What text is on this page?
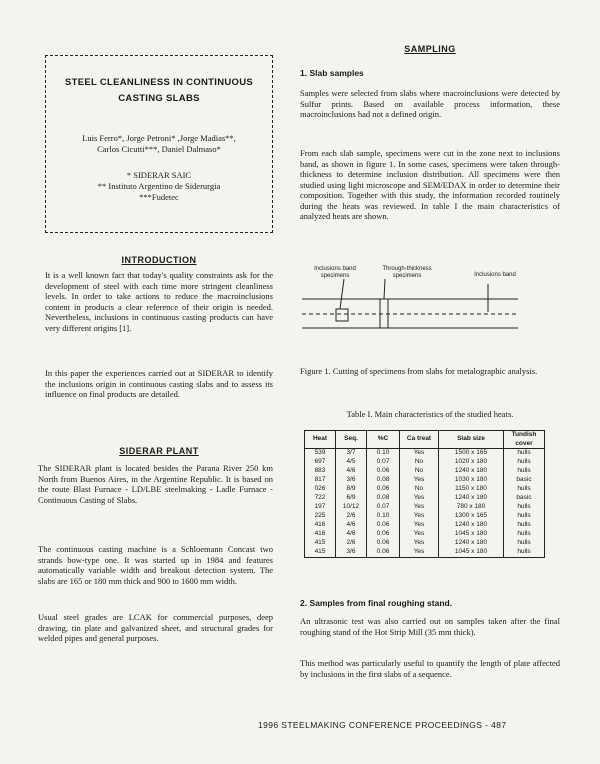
STEEL CLEANLINESS IN CONTINUOUS
CASTING SLABS
Luis Ferro*, Jorge Petroni* ,Jorge Madias**,
Carlos Cicutti***, Daniel Dalmaso*
* SIDERAR SAIC
** Instituto Argentino de Siderurgia
***Fudetec
INTRODUCTION
It is a well known fact that today's quality constraints ask for the development of steel with each time more stringent cleanliness levels. In order to take actions to reduce the macroinclusions content in products a clear reference of their origin is needed. Nevertheless, inclusions in continuous casting products can have very different origins [1].
In this paper the experiences carried out at SIDERAR to identify the inclusions origin in continuous casting slabs and to assess its influence on final products are detailed.
SIDERAR PLANT
The SIDERAR plant is located besides the Parana River 250 km North from Buenos Aires, in the Argentine Republic. It is based on the route Blast Furnace - LD/LBE steelmaking - Ladle Furnace - Continuous Casting of Slabs.
The continuous casting machine is a Schloemann Concast two strands bow-type one. It was started up in 1984 and features automatically variable width and breakout detection system. The slabs are 165 or 180 mm thick and 900 to 1600 mm width.
Usual steel grades are LCAK for commercial purposes, deep drawing, tin plate and galvanized sheet, and structural grades for welded pipes and general purposes.
SAMPLING
1. Slab samples
Samples were selected from slabs where macroinclusions were detected by Sulfur prints. Based on available process information, these macroinclusions had not a defined origin.
From each slab sample, specimens were cut in the zone next to inclusions band, as shown in figure 1. In some cases, specimens were taken through-thickness to determine inclusion distribution. All specimens were then studied using light microscope and SEM/EDAX in order to determine their composition. Together with this study, the information recorded routinely during the heats was reviewed. In table I the main characteristics of analyzed heats are shown.
Inclusions band specimens
Through-thickness specimens	Inclusions band
Figure 1. Cutting of specimens from slabs for metalographic analysis.
Table I. Main characteristics of the studied heats.
Heat	Seq.	%C	Ca treat	Slab size	Tundish cover
539	3/7	0.10	Yes	1500 x 165	hulls
697	4/5	0.07	No	1020 x 180	hulls
883	4/6	0.06	No	1240 x 180	hulls
817	3/6	0.08	Yes	1030 x 180	basic
026	8/9	0.06	No	1150 x 180	hulls
722	6/9	0.08	Yes	1240 x 180	basic
197	10/12	0.07	Yes	780 x 180	hulls
225	2/6	0.10	Yes	1300 x 165	hulls
416	4/6	0.06	Yes	1240 x 180	hulls
416	4/6	0.06	Yes	1045 x 180	hulls
415	2/6	0.06	Yes	1240 x 180	hulls
415	3/6	0.06	Yes	1045 x 180	hulls
2. Samples from final roughing stand.
An ultrasonic test was also carried out on samples taken after the final roughing stand of the Hot Strip Mill (35 mm thick).
This method was particularly useful to quantify the length of plate affected by inclusions in the first slabs of a sequence.
1996 STEELMAKING CONFERENCE PROCEEDINGS - 487
